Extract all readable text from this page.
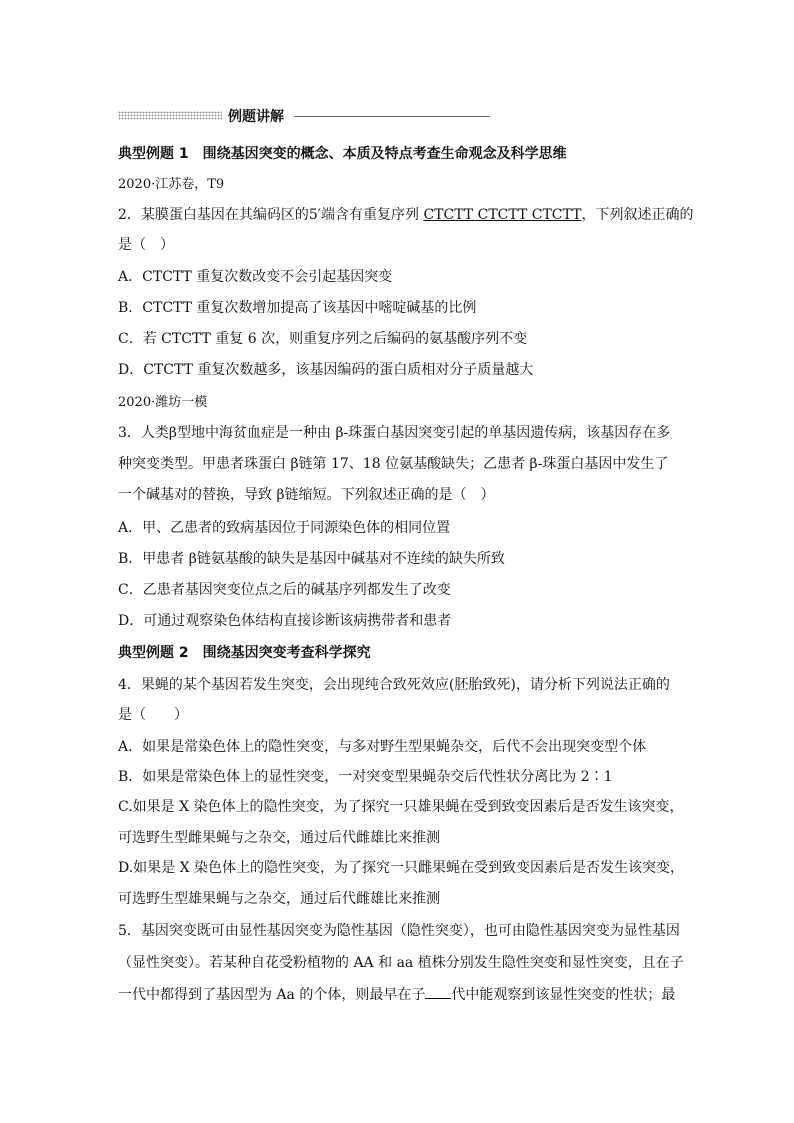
例题讲解
典型例题 1　围绕基因突变的概念、本质及特点考查生命观念及科学思维
2020·江苏卷，T9
2．某膜蛋白基因在其编码区的5′端含有重复序列 CTCTT CTCTT CTCTT，下列叙述正确的
是（　）
A．CTCTT 重复次数改变不会引起基因突变
B．CTCTT 重复次数增加提高了该基因中嘧啶碱基的比例
C．若 CTCTT 重复 6 次，则重复序列之后编码的氨基酸序列不变
D．CTCTT 重复次数越多，该基因编码的蛋白质相对分子质量越大
2020·潍坊一模
3．人类β型地中海贫血症是一种由 β-珠蛋白基因突变引起的单基因遗传病，该基因存在多
种突变类型。甲患者珠蛋白 β链第 17、18 位氨基酸缺失；乙患者 β-珠蛋白基因中发生了
一个碱基对的替换，导致 β链缩短。下列叙述正确的是（　）
A．甲、乙患者的致病基因位于同源染色体的相同位置
B．甲患者 β链氨基酸的缺失是基因中碱基对不连续的缺失所致
C．乙患者基因突变位点之后的碱基序列都发生了改变
D．可通过观察染色体结构直接诊断该病携带者和患者
典型例题 2　围绕基因突变考查科学探究
4．果蝇的某个基因若发生突变，会出现纯合致死效应(胚胎致死)，请分析下列说法正确的
是（　　）
A．如果是常染色体上的隐性突变，与多对野生型果蝇杂交，后代不会出现突变型个体
B．如果是常染色体上的显性突变，一对突变型果蝇杂交后代性状分离比为 2∶1
C.如果是 X 染色体上的隐性突变，为了探究一只雄果蝇在受到致变因素后是否发生该突变，
可选野生型雌果蝇与之杂交，通过后代雌雄比来推测
D.如果是 X 染色体上的隐性突变，为了探究一只雌果蝇在受到致变因素后是否发生该突变，
可选野生型雄果蝇与之杂交，通过后代雌雄比来推测
5．基因突变既可由显性基因突变为隐性基因（隐性突变），也可由隐性基因突变为显性基因
（显性突变）。若某种自花受粉植物的 AA 和 aa 植株分别发生隐性突变和显性突变，且在子
一代中都得到了基因型为 Aa 的个体，则最早在子 代中能观察到该显性突变的性状；最
